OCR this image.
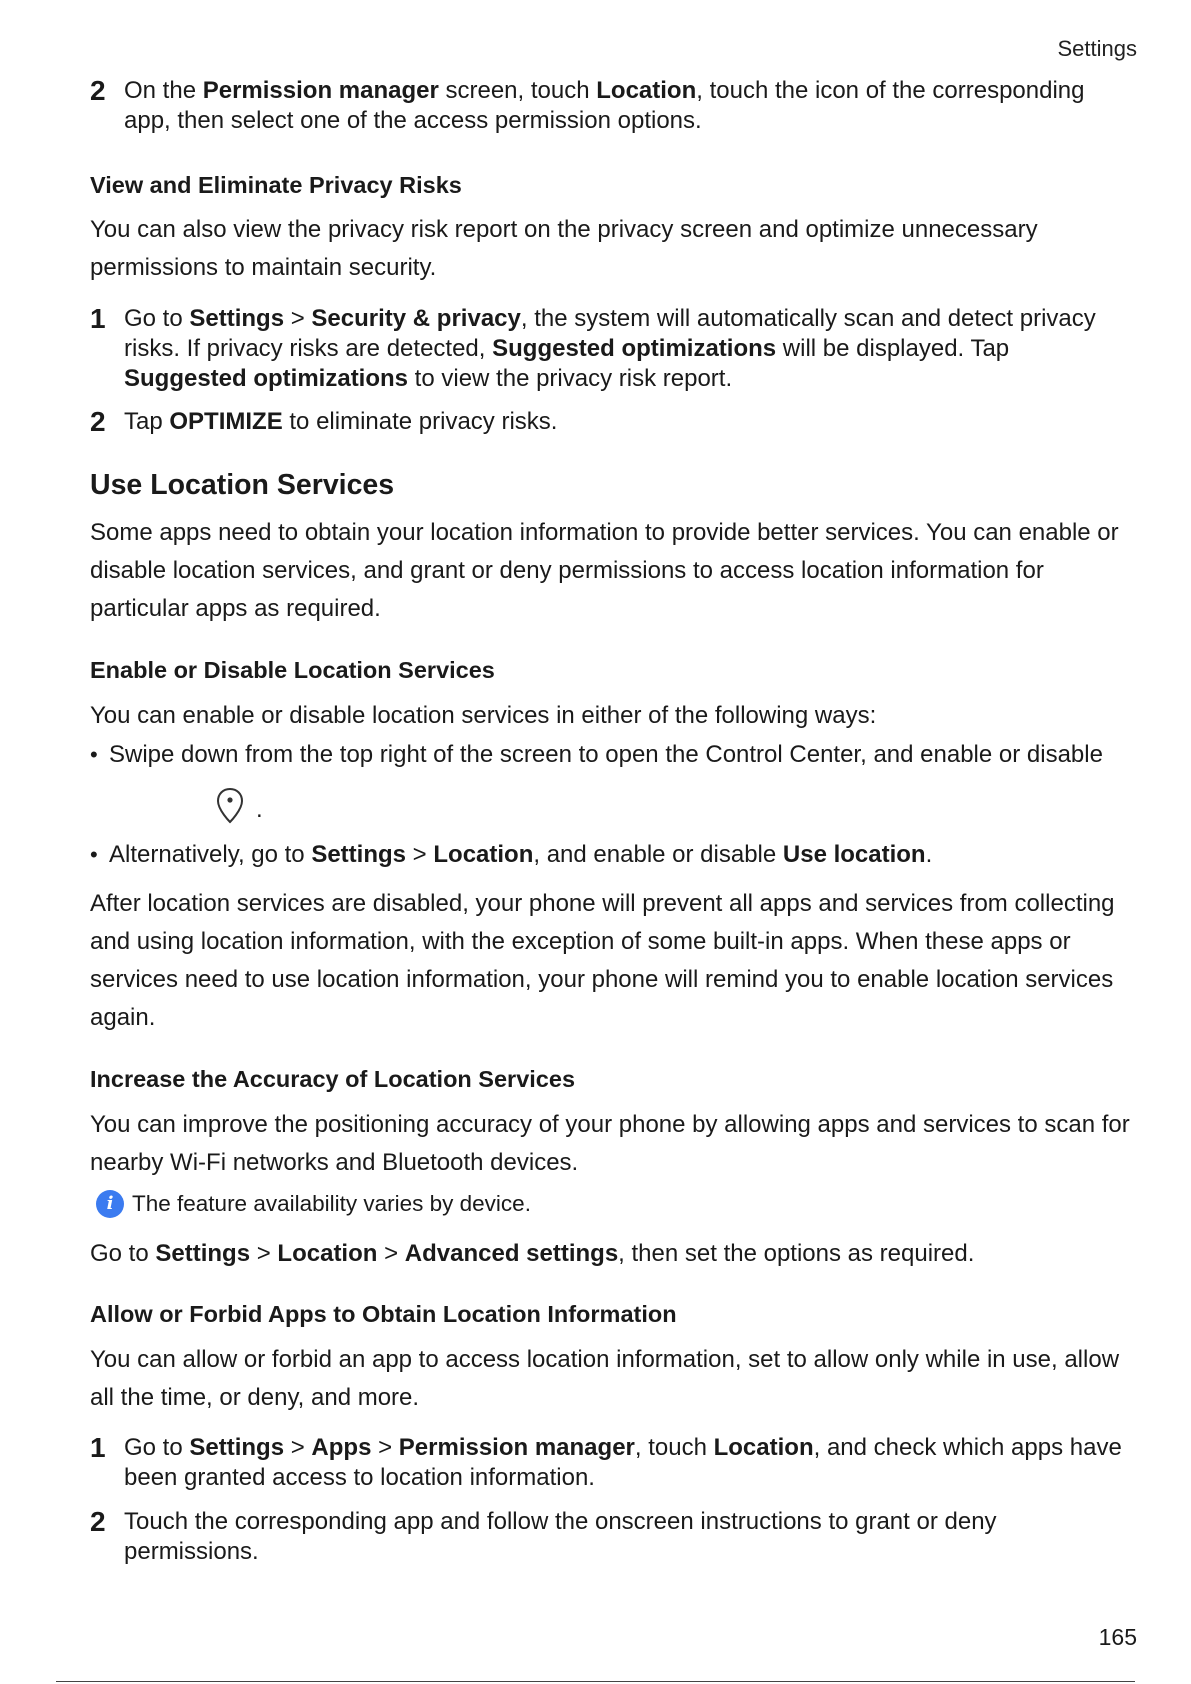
Settings
2 On the Permission manager screen, touch Location, touch the icon of the corresponding app, then select one of the access permission options.
View and Eliminate Privacy Risks
You can also view the privacy risk report on the privacy screen and optimize unnecessary permissions to maintain security.
1 Go to Settings > Security & privacy, the system will automatically scan and detect privacy risks. If privacy risks are detected, Suggested optimizations will be displayed. Tap Suggested optimizations to view the privacy risk report.
2 Tap OPTIMIZE to eliminate privacy risks.
Use Location Services
Some apps need to obtain your location information to provide better services. You can enable or disable location services, and grant or deny permissions to access location information for particular apps as required.
Enable or Disable Location Services
You can enable or disable location services in either of the following ways:
• Swipe down from the top right of the screen to open the Control Center, and enable or disable
.
• Alternatively, go to Settings > Location, and enable or disable Use location.
After location services are disabled, your phone will prevent all apps and services from collecting and using location information, with the exception of some built-in apps. When these apps or services need to use location information, your phone will remind you to enable location services again.
Increase the Accuracy of Location Services
You can improve the positioning accuracy of your phone by allowing apps and services to scan for nearby Wi-Fi networks and Bluetooth devices.
i The feature availability varies by device.
Go to Settings > Location > Advanced settings, then set the options as required.
Allow or Forbid Apps to Obtain Location Information
You can allow or forbid an app to access location information, set to allow only while in use, allow all the time, or deny, and more.
1 Go to Settings > Apps > Permission manager, touch Location, and check which apps have been granted access to location information.
2 Touch the corresponding app and follow the onscreen instructions to grant or deny permissions.
165
